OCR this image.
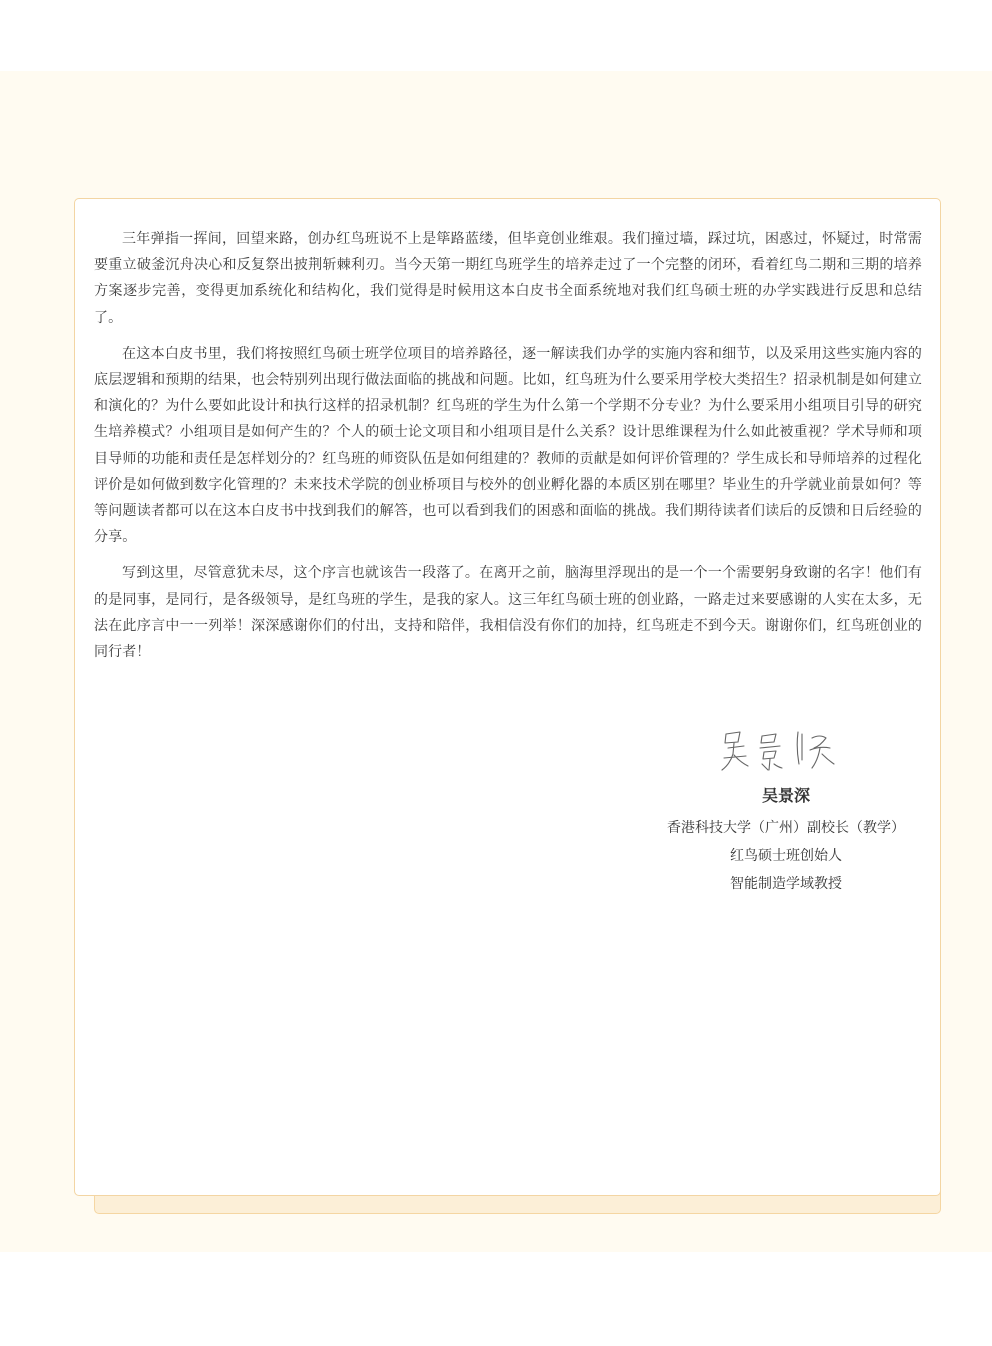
三年弹指一挥间，回望来路，创办红鸟班说不上是筚路蓝缕，但毕竟创业维艰。我们撞过墙，踩过坑，困惑过，怀疑过，时常需要重立破釜沉舟决心和反复祭出披荆斩棘利刃。当今天第一期红鸟班学生的培养走过了一个完整的闭环，看着红鸟二期和三期的培养方案逐步完善，变得更加系统化和结构化，我们觉得是时候用这本白皮书全面系统地对我们红鸟硕士班的办学实践进行反思和总结了。

在这本白皮书里，我们将按照红鸟硕士班学位项目的培养路径，逐一解读我们办学的实施内容和细节，以及采用这些实施内容的底层逻辑和预期的结果，也会特别列出现行做法面临的挑战和问题。比如，红鸟班为什么要采用学校大类招生？招录机制是如何建立和演化的？为什么要如此设计和执行这样的招录机制？红鸟班的学生为什么第一个学期不分专业？为什么要采用小组项目引导的研究生培养模式？小组项目是如何产生的？个人的硕士论文项目和小组项目是什么关系？设计思维课程为什么如此被重视？学术导师和项目导师的功能和责任是怎样划分的？红鸟班的师资队伍是如何组建的？教师的贡献是如何评价管理的？学生成长和导师培养的过程化评价是如何做到数字化管理的？未来技术学院的创业桥项目与校外的创业孵化器的本质区别在哪里？毕业生的升学就业前景如何？等等问题读者都可以在这本白皮书中找到我们的解答，也可以看到我们的困惑和面临的挑战。我们期待读者们读后的反馈和日后经验的分享。

写到这里，尽管意犹未尽，这个序言也就该告一段落了。在离开之前，脑海里浮现出的是一个一个需要躬身致谢的名字！他们有的是同事，是同行，是各级领导，是红鸟班的学生，是我的家人。这三年红鸟硕士班的创业路，一路走过来要感谢的人实在太多，无法在此序言中一一列举！深深感谢你们的付出，支持和陪伴，我相信没有你们的加持，红鸟班走不到今天。谢谢你们，红鸟班创业的同行者！

吴景深
香港科技大学（广州）副校长（教学）
红鸟硕士班创始人
智能制造学域教授
